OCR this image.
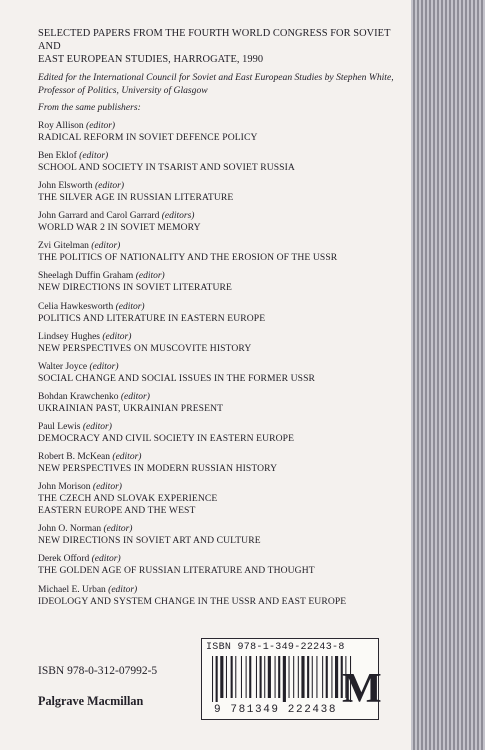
SELECTED PAPERS FROM THE FOURTH WORLD CONGRESS FOR SOVIET AND
EAST EUROPEAN STUDIES, HARROGATE, 1990
Edited for the International Council for Soviet and East European Studies by Stephen White,
Professor of Politics, University of Glasgow
From the same publishers:
Roy Allison (editor)
RADICAL REFORM IN SOVIET DEFENCE POLICY
Ben Eklof (editor)
SCHOOL AND SOCIETY IN TSARIST AND SOVIET RUSSIA
John Elsworth (editor)
THE SILVER AGE IN RUSSIAN LITERATURE
John Garrard and Carol Garrard (editors)
WORLD WAR 2 IN SOVIET MEMORY
Zvi Gitelman (editor)
THE POLITICS OF NATIONALITY AND THE EROSION OF THE USSR
Sheelagh Duffin Graham (editor)
NEW DIRECTIONS IN SOVIET LITERATURE
Celia Hawkesworth (editor)
POLITICS AND LITERATURE IN EASTERN EUROPE
Lindsey Hughes (editor)
NEW PERSPECTIVES ON MUSCOVITE HISTORY
Walter Joyce (editor)
SOCIAL CHANGE AND SOCIAL ISSUES IN THE FORMER USSR
Bohdan Krawchenko (editor)
UKRAINIAN PAST, UKRAINIAN PRESENT
Paul Lewis (editor)
DEMOCRACY AND CIVIL SOCIETY IN EASTERN EUROPE
Robert B. McKean (editor)
NEW PERSPECTIVES IN MODERN RUSSIAN HISTORY
John Morison (editor)
THE CZECH AND SLOVAK EXPERIENCE
EASTERN EUROPE AND THE WEST
John O. Norman (editor)
NEW DIRECTIONS IN SOVIET ART AND CULTURE
Derek Offord (editor)
THE GOLDEN AGE OF RUSSIAN LITERATURE AND THOUGHT
Michael E. Urban (editor)
IDEOLOGY AND SYSTEM CHANGE IN THE USSR AND EAST EUROPE
ISBN 978-0-312-07992-5
Palgrave Macmillan
ISBN 978-1-349-22243-8
9 781349 222438 M
